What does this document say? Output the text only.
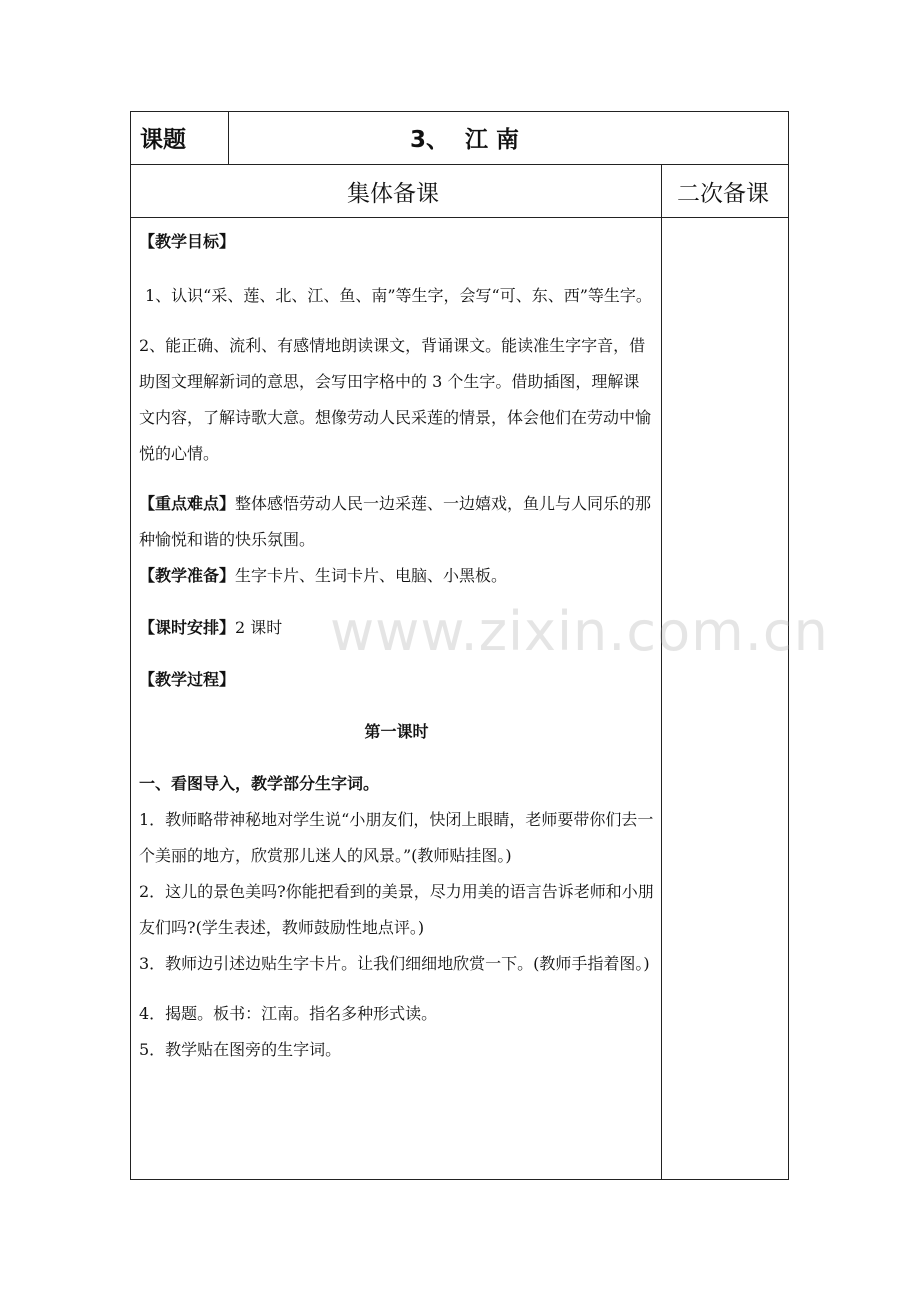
课题	3、  江 南
集体备课	二次备课

【教学目标】

1、认识“采、莲、北、江、鱼、南”等生字，会写“可、东、西”等生字。

2、能正确、流利、有感情地朗读课文，背诵课文。能读准生字字音，借助图文理解新词的意思，会写田字格中的 3 个生字。借助插图，理解课文内容，了解诗歌大意。想像劳动人民采莲的情景，体会他们在劳动中愉悦的心情。

【重点难点】整体感悟劳动人民一边采莲、一边嬉戏，鱼儿与人同乐的那种愉悦和谐的快乐氛围。

【教学准备】生字卡片、生词卡片、电脑、小黑板。

【课时安排】2 课时

【教学过程】

第一课时

一、看图导入，教学部分生字词。

1．教师略带神秘地对学生说“小朋友们，快闭上眼睛，老师要带你们去一个美丽的地方，欣赏那儿迷人的风景。”(教师贴挂图。)

2．这儿的景色美吗?你能把看到的美景，尽力用美的语言告诉老师和小朋友们吗?(学生表述，教师鼓励性地点评。)

3．教师边引述边贴生字卡片。让我们细细地欣赏一下。(教师手指着图。)

4．揭题。板书：江南。指名多种形式读。

5．教学贴在图旁的生字词。

www.zixin.com.cn
